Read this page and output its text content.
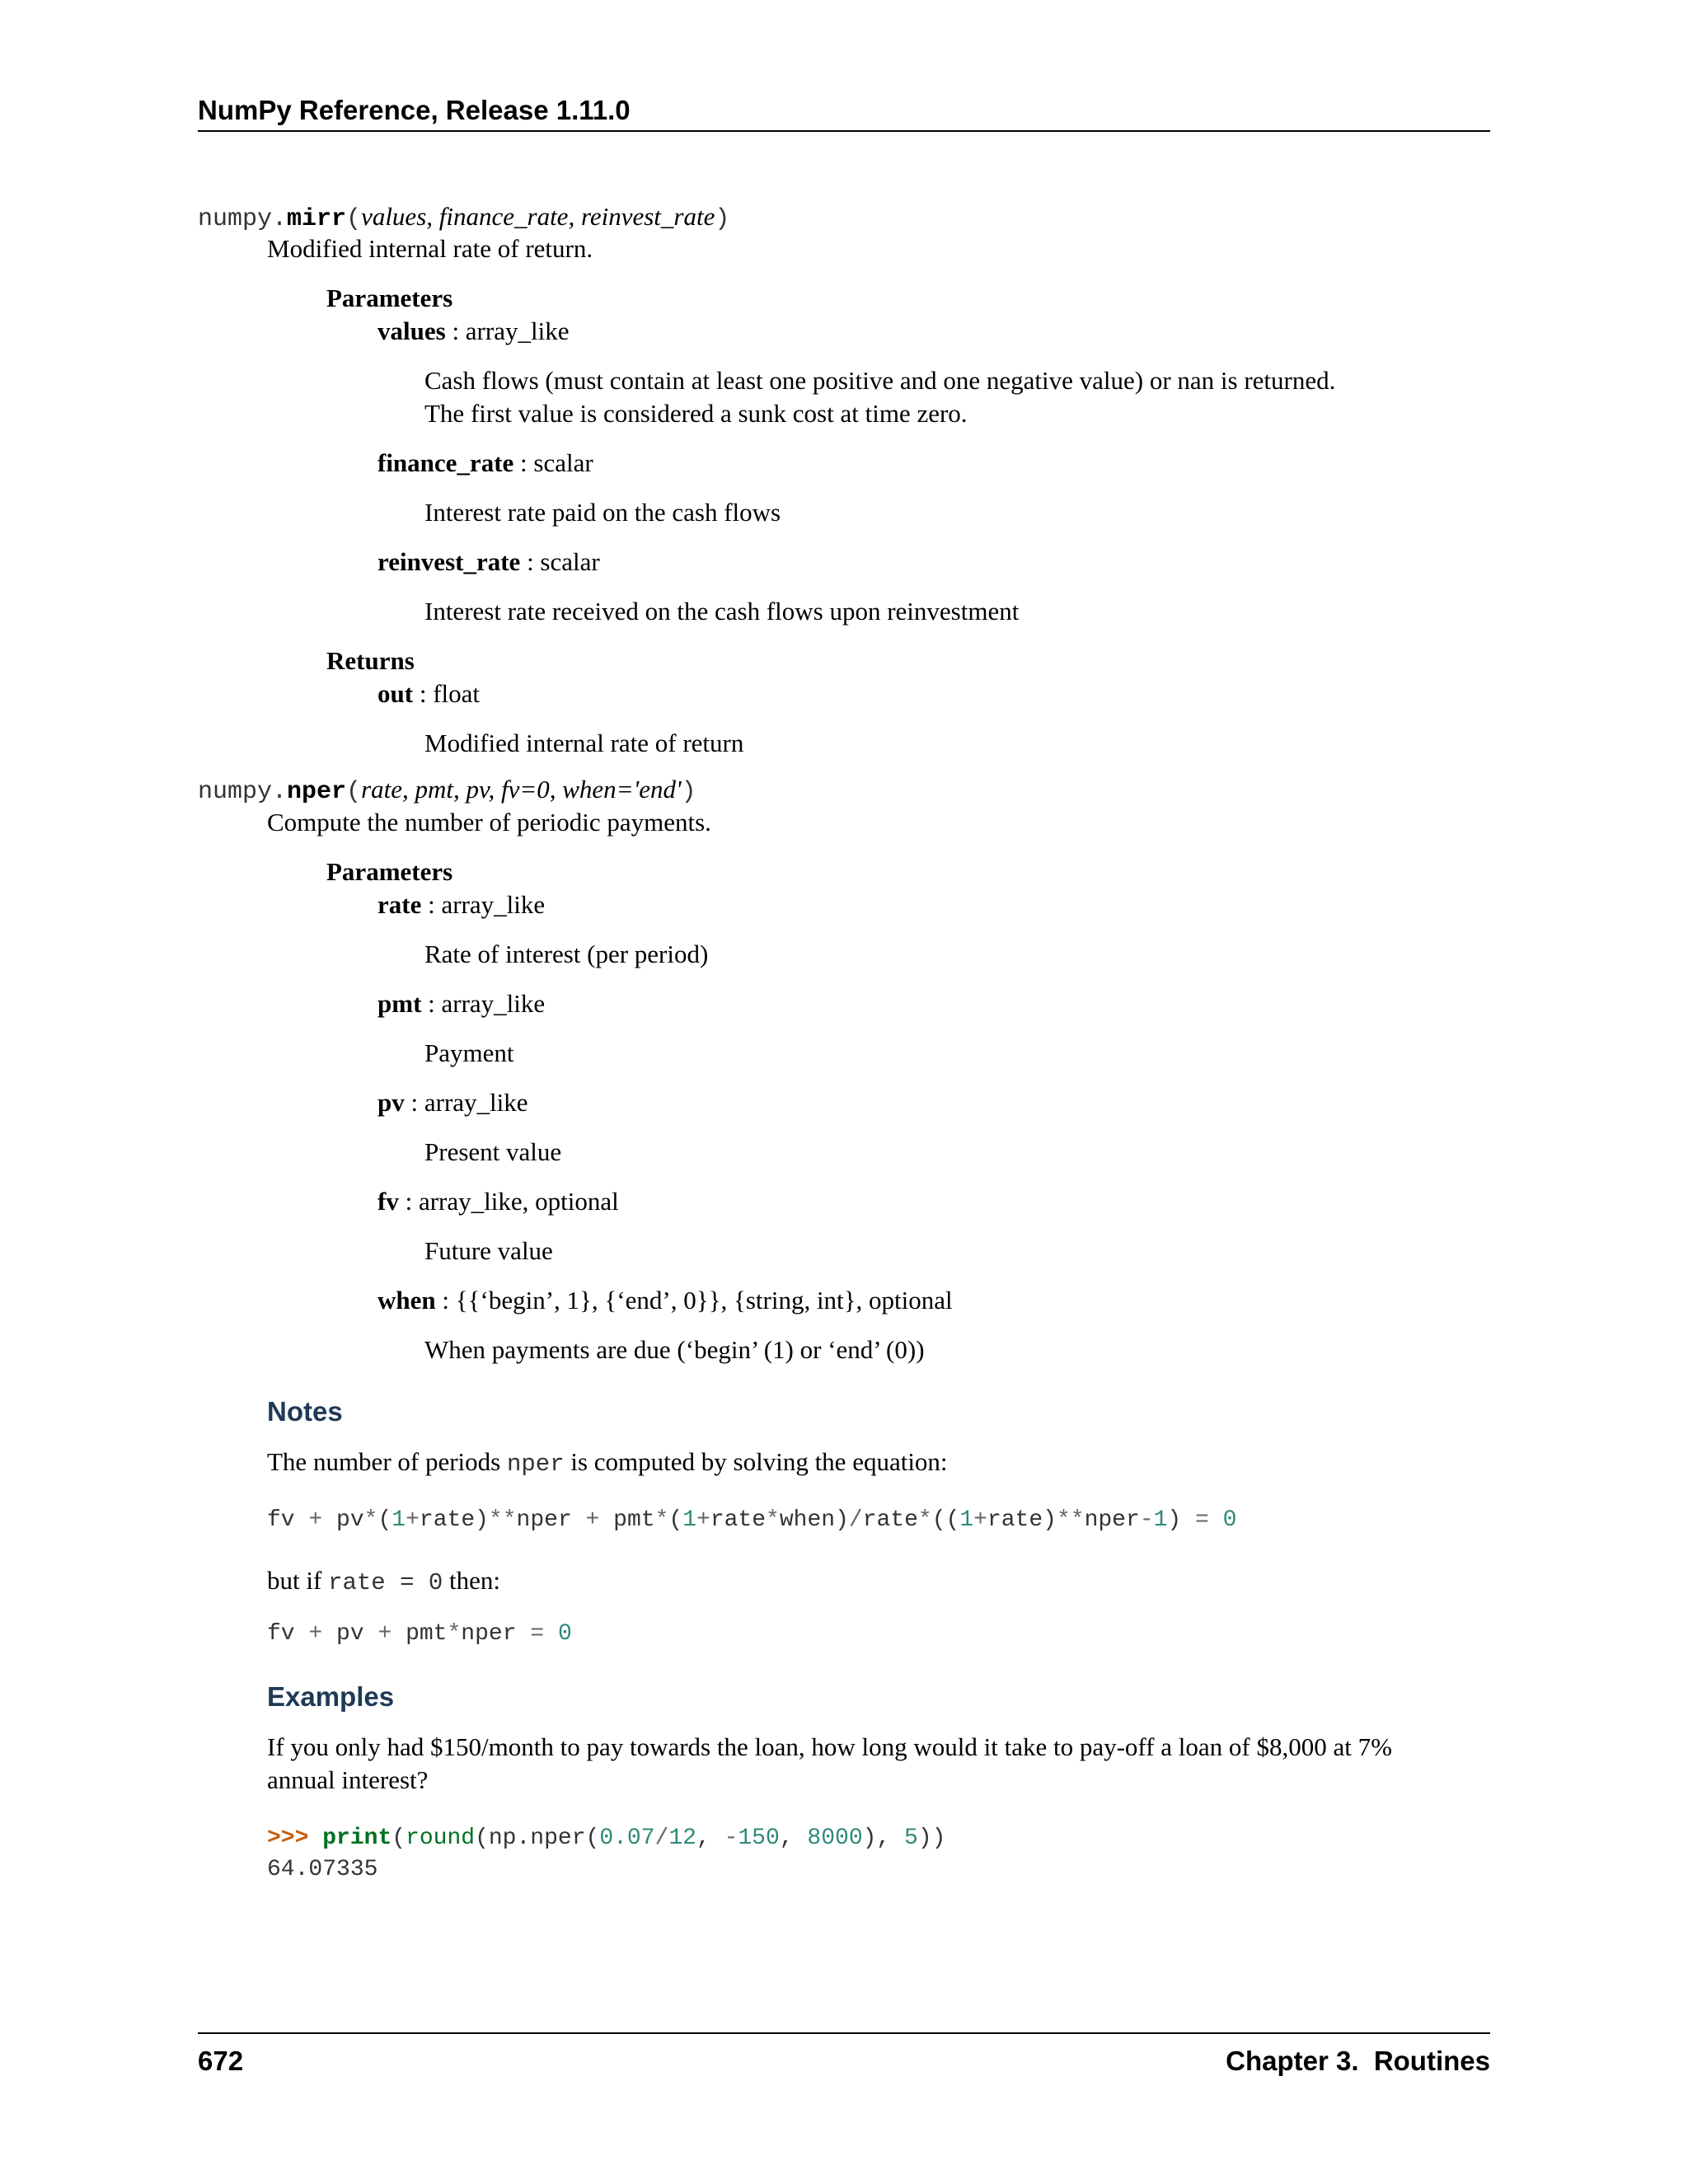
NumPy Reference, Release 1.11.0
numpy.mirr(values, finance_rate, reinvest_rate)
Modified internal rate of return.
Parameters
values : array_like
Cash flows (must contain at least one positive and one negative value) or nan is returned.
The first value is considered a sunk cost at time zero.
finance_rate : scalar
Interest rate paid on the cash flows
reinvest_rate : scalar
Interest rate received on the cash flows upon reinvestment
Returns
out : float
Modified internal rate of return
numpy.nper(rate, pmt, pv, fv=0, when='end')
Compute the number of periodic payments.
Parameters
rate : array_like
Rate of interest (per period)
pmt : array_like
Payment
pv : array_like
Present value
fv : array_like, optional
Future value
when : {{‘begin’, 1}, {‘end’, 0}}, {string, int}, optional
When payments are due (‘begin’ (1) or ‘end’ (0))
Notes
The number of periods nper is computed by solving the equation:
fv + pv*(1+rate)**nper + pmt*(1+rate*when)/rate*((1+rate)**nper-1) = 0
but if rate = 0 then:
fv + pv + pmt*nper = 0
Examples
If you only had $150/month to pay towards the loan, how long would it take to pay-off a loan of $8,000 at 7%
annual interest?
>>> print(round(np.nper(0.07/12, -150, 8000), 5))
64.07335
672	Chapter 3.  Routines
